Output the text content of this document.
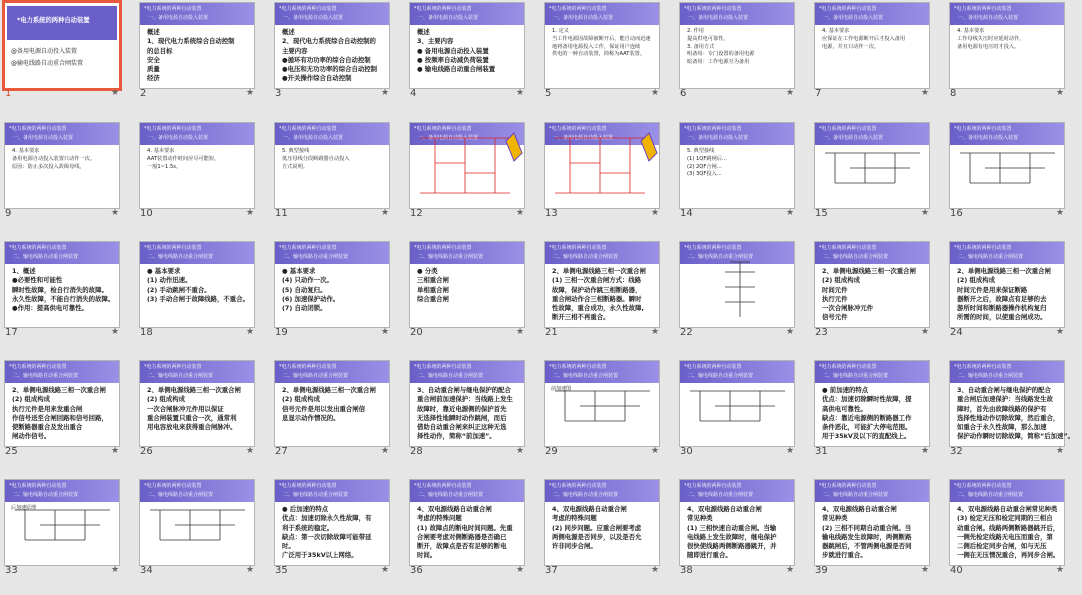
*电力系统的两种自动装置
@备用电源自动投入装置
@输电线路自动重合闸装置
1	★
*电力系统的两种自动装置
一、备用电源自动投入装置
概述
1、现代电力系统综合自动控制
的总目标
安全
质量
经济
2	★
*电力系统的两种自动装置
一、备用电源自动投入装置
概述
2、现代电力系统综合自动控制的
主要内容
●循环有功功率的综合自动控制
●电压和无功功率的综合自动控制
●开关操作综合自动控制
3	★
*电力系统的两种自动装置
一、备用电源自动投入装置
概述
3、主要内容
● 备用电源自动投入装置
● 按频率自动减负荷装置
● 输电线路自动重合闸装置
4	★
*电力系统的两种自动装置
一、备用电源自动投入装置
1. 定义
当工作电源因故障被断开后，能自动而迅速
地将备用电源投入工作，保证用户连续
供电的一种自动装置，简称为AAT装置。
5	★
*电力系统的两种自动装置
一、备用电源自动投入装置
2. 作用
提高供电可靠性。
3. 备用方式
明备用：专门设置的备用电源
暗备用：工作电源互为备用
6	★
*电力系统的两种自动装置
一、备用电源自动投入装置
4. 基本要求
应保证在工作电源断开后才投入备用
电源，并且只动作一次。
7	★
*电力系统的两种自动装置
一、备用电源自动投入装置
4. 基本要求
工作母线失压时应延时动作，
备用电源有电压时才投入。
8	★
*电力系统的两种自动装置
一、备用电源自动投入装置
4. 基本要求
备用电源自动投入装置只动作一次。
原因：防止多次投入故障母线。
9	★
*电力系统的两种自动装置
一、备用电源自动投入装置
4. 基本要求
AAT装置动作时间应尽可能短，
一般1~1.5s。
10	★
*电力系统的两种自动装置
一、备用电源自动投入装置
5. 典型接线
低压母线分段断路器自动投入
方式说明。
11	★
*电力系统的两种自动装置
一、备用电源自动投入装置
12	★
*电力系统的两种自动装置
一、备用电源自动投入装置
13	★
*电力系统的两种自动装置
一、备用电源自动投入装置
5. 典型接线
(1) 1QF跳闸后...
(2) 2QF合闸...
(3) 3QF投入...
14	★
*电力系统的两种自动装置
一、备用电源自动投入装置
15	★
*电力系统的两种自动装置
一、备用电源自动投入装置
16	★
*电力系统的两种自动装置
二、输电线路自动重合闸装置
1、概述
●必要性和可能性
瞬时性故障，检自行消失的故障。
永久性故障，不能自行消失的故障。
●作用：提高供电可靠性。
17	★
*电力系统的两种自动装置
二、输电线路自动重合闸装置
● 基本要求
(1) 动作迅速。
(2) 手动跳闸不重合。
(3) 手动合闸于故障线路，不重合。
18	★
*电力系统的两种自动装置
二、输电线路自动重合闸装置
● 基本要求
(4) 只动作一次。
(5) 自动复归。
(6) 加速保护动作。
(7) 自动闭锁。
19	★
*电力系统的两种自动装置
二、输电线路自动重合闸装置
● 分类
三相重合闸
单相重合闸
综合重合闸
20	★
*电力系统的两种自动装置
二、输电线路自动重合闸装置
2、单侧电源线路三相一次重合闸
(1) 三相一次重合闸方式：线路
故障，保护动作跳三相断路器，
重合闸动作合三相断路器。瞬时
性故障，重合成功，永久性故障,
断开三相不再重合。
21	★
*电力系统的两种自动装置
二、输电线路自动重合闸装置
22	★
*电力系统的两种自动装置
二、输电线路自动重合闸装置
2、单侧电源线路三相一次重合闸
(2) 组成构成
时间元件
执行元件
一次合闸脉冲元件
信号元件
23	★
*电力系统的两种自动装置
二、输电线路自动重合闸装置
2、单侧电源线路三相一次重合闸
(2) 组成构成
时间元件是用来保证断路
器断开之后，故障点有足够的去
游所时间和断路器操作机构复归
所需的时间，以使重合闸成功。
24	★
*电力系统的两种自动装置
二、输电线路自动重合闸装置
2、单侧电源线路三相一次重合闸
(2) 组成构成
执行元件是用来发重合闸
作信号送至合闸回路和信号回路，
使断路器重合及发出重合
闸动作信号。
25	★
*电力系统的两种自动装置
二、输电线路自动重合闸装置
2、单侧电源线路三相一次重合闸
(2) 组成构成
一次合闸脉冲元件用以保证
重合闸装置只重合一次，通常利
用电容放电来获得重合闸脉冲。
26	★
*电力系统的两种自动装置
二、输电线路自动重合闸装置
2、单侧电源线路三相一次重合闸
(2) 组成构成
信号元件是用以发出重合闸信
息显示动作情况的。
27	★
*电力系统的两种自动装置
二、输电线路自动重合闸装置
3、自动重合闸与继电保护的配合
重合闸前加速保护：当线路上发生
故障时，靠近电源侧的保护首先
无选择性地瞬时动作跳闸，而后
借助自动重合闸来纠正这种无选
择性动作，简称“前加速”。
28	★
*电力系统的两种自动装置
二、输电线路自动重合闸装置
前加速图
29	★
*电力系统的两种自动装置
二、输电线路自动重合闸装置
30	★
*电力系统的两种自动装置
二、输电线路自动重合闸装置
● 前加速的特点
优点：加速切除瞬时性故障，提
高供电可靠性。
缺点：靠近电源侧的断路器工作
条件恶化，可能扩大停电范围。
用于35kV及以下的直配线上。
31	★
*电力系统的两种自动装置
二、输电线路自动重合闸装置
3、自动重合闸与继电保护的配合
重合闸后加速保护：当线路发生故
障时，首先由故障线路的保护有
选择性地动作切除故障，然后重合，
如重合于永久性故障，那么加速
保护动作瞬时切除故障，简称“后加速”。
32	★
*电力系统的两种自动装置
二、输电线路自动重合闸装置
后加速原理
33	★
*电力系统的两种自动装置
二、输电线路自动重合闸装置
34	★
*电力系统的两种自动装置
二、输电线路自动重合闸装置
● 后加速的特点
优点：加速切除永久性故障，有
利于系统的稳定。
缺点：第一次切除故障可能带延
时。
广泛用于35kV以上网络。
35	★
*电力系统的两种自动装置
二、输电线路自动重合闸装置
4、双电源线路自动重合闸
考虑的特殊问题
(1) 故障点的断电时间问题。先重
合闸要考虑对侧断路器是否确已
断开，故障点是否有足够的断电
时间。
36	★
*电力系统的两种自动装置
二、输电线路自动重合闸装置
4、双电源线路自动重合闸
考虑的特殊问题
(2) 同步问题。应重合闸要考虑
两侧电源是否同步，以及是否允
许非同步合闸。
37	★
*电力系统的两种自动装置
二、输电线路自动重合闸装置
4、双电源线路自动重合闸
常见种类
(1) 三相快速自动重合闸。当输
电线路上发生故障时，继电保护
很快使线路两侧断路器跳开，并
随即进行重合。
38	★
*电力系统的两种自动装置
二、输电线路自动重合闸装置
4、双电源线路自动重合闸
常见种类
(2) 三相不同期自动重合闸。当
输电线路发生故障时，两侧断路
器跳闸后，不管两侧电源是否同
步就进行重合。
39	★
*电力系统的两种自动装置
二、输电线路自动重合闸装置
4、双电源线路自动重合闸常见种类
(3) 检定无压和检定同期的三相自
动重合闸。线路两侧断路器跳开后，
一侧先检定线路无电压而重合，第
二侧后检定同步合闸，如与无压
一侧在无压情况重合，再同步合闸。
40	★
